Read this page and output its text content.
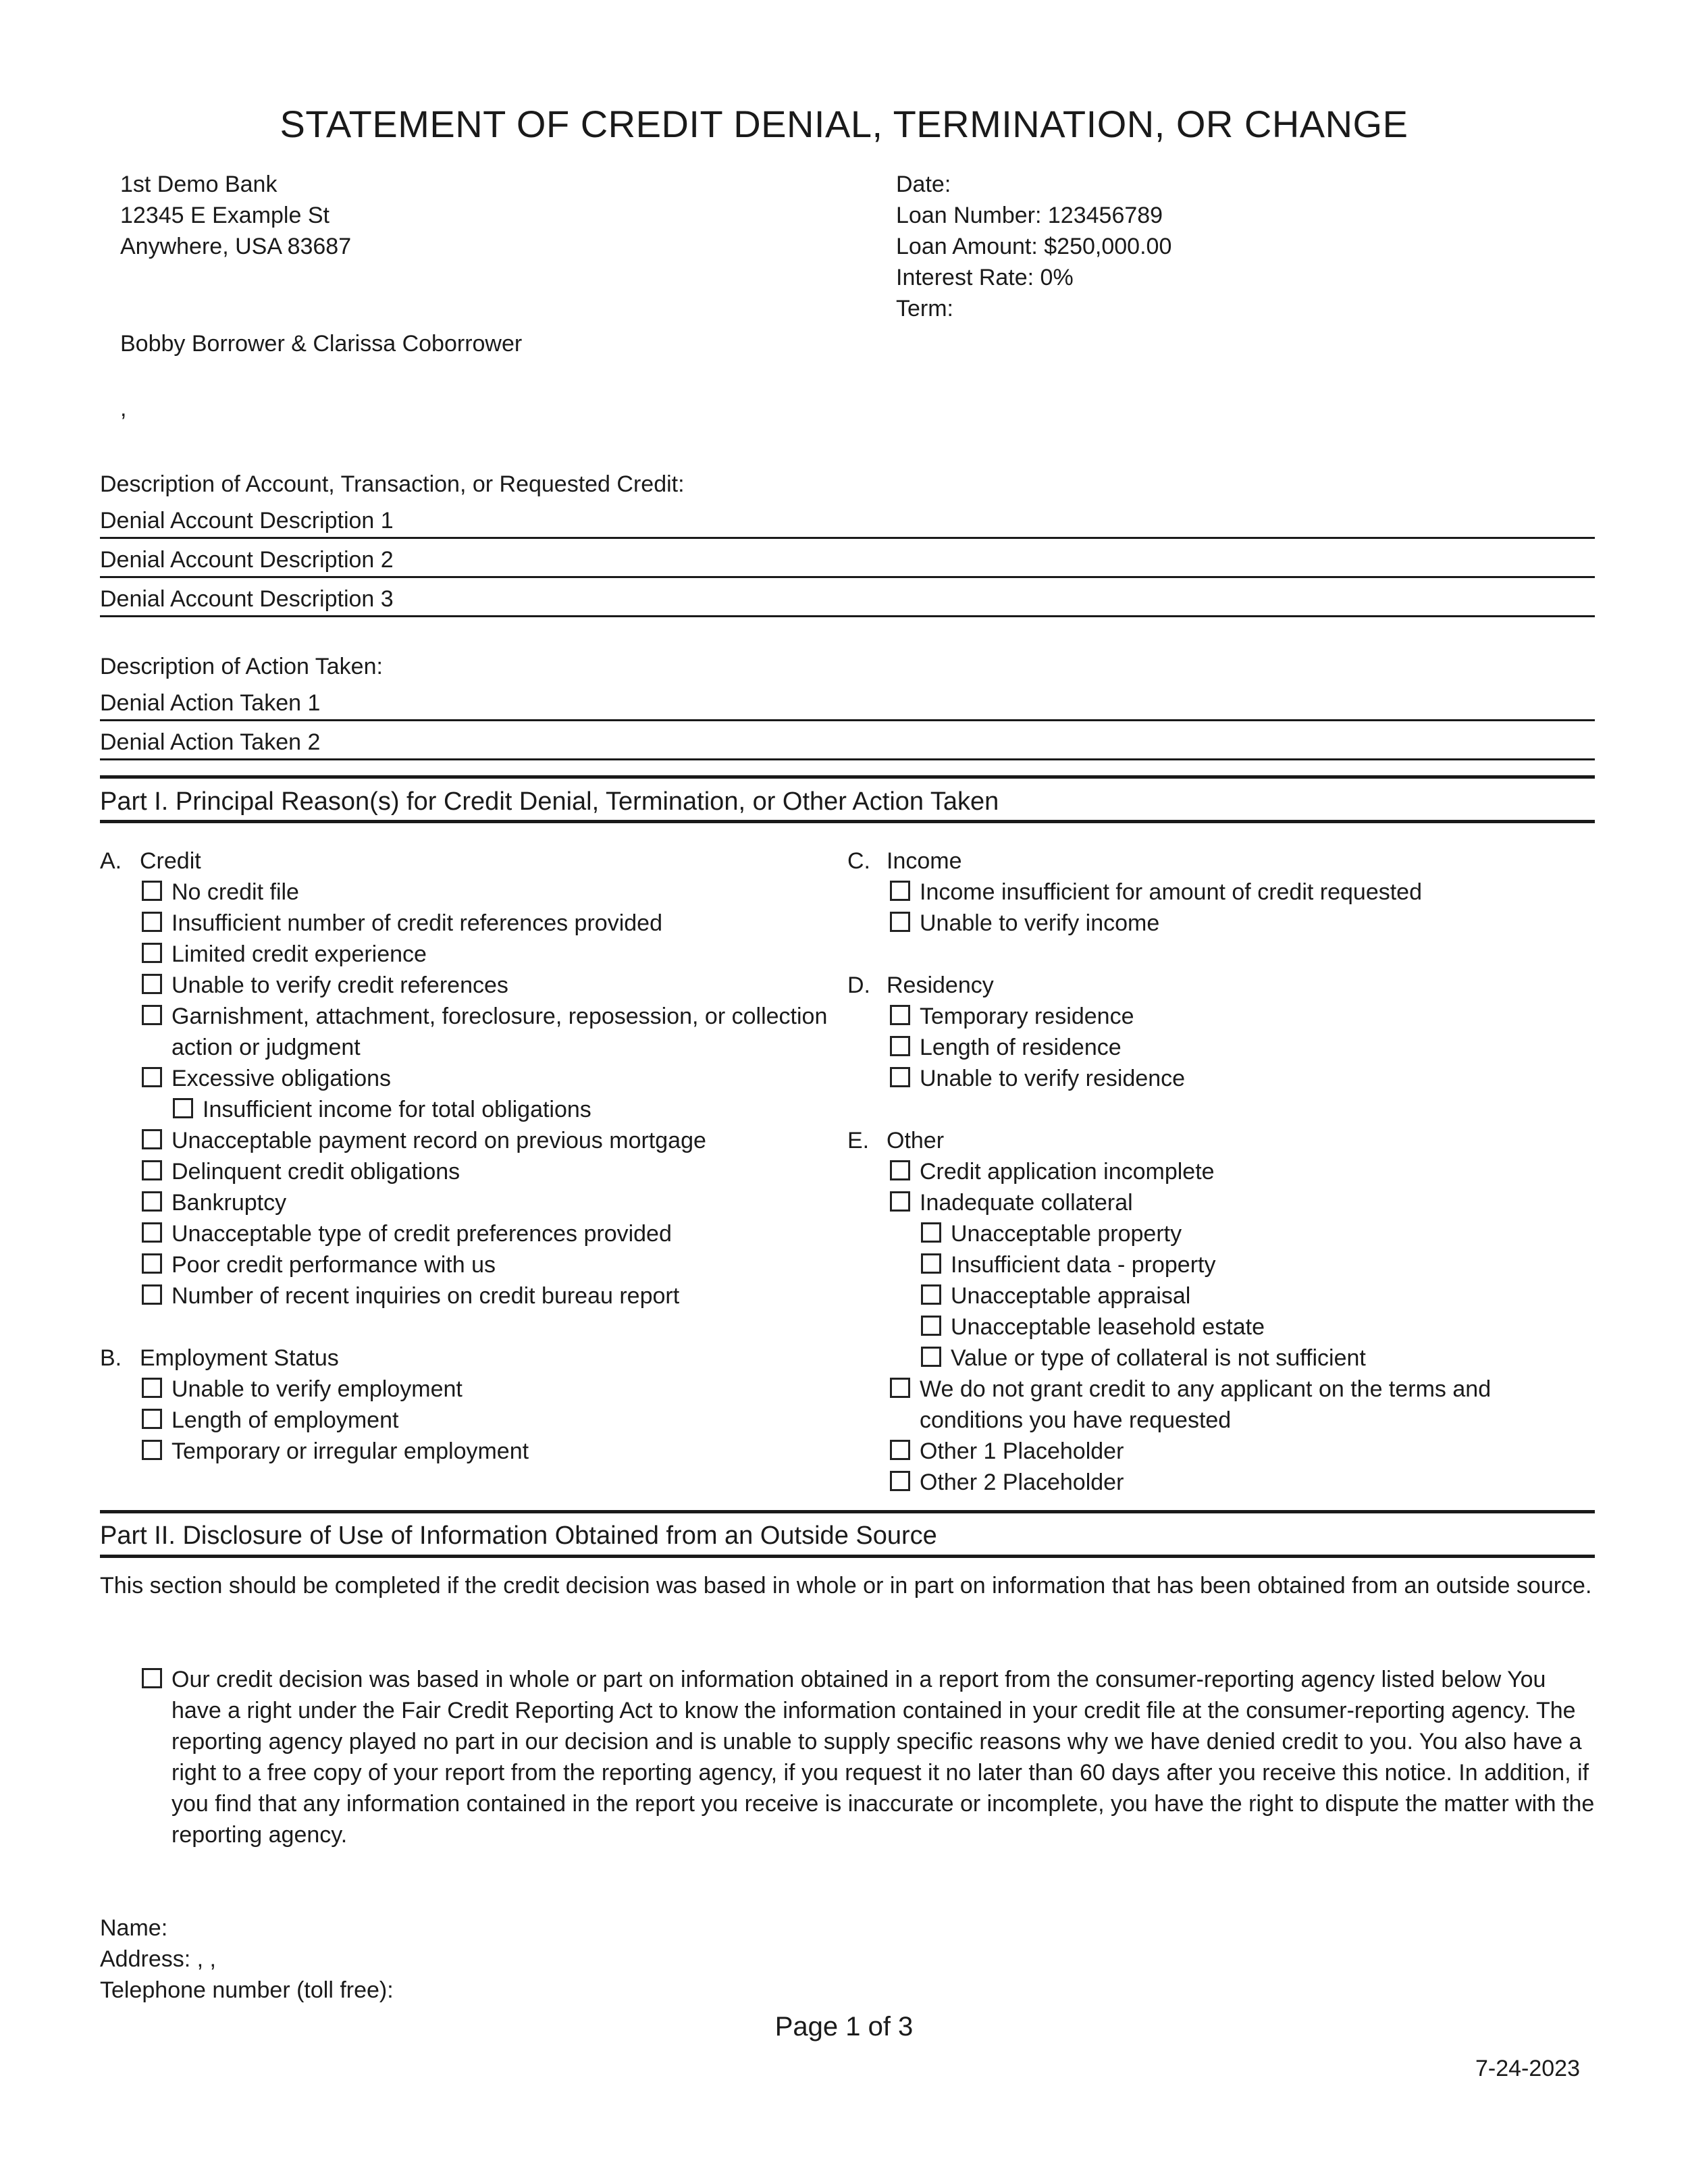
STATEMENT OF CREDIT DENIAL, TERMINATION, OR CHANGE
1st Demo Bank
12345 E Example St
Anywhere, USA 83687
Date:
Loan Number: 123456789
Loan Amount: $250,000.00
Interest Rate: 0%
Term:
Bobby Borrower & Clarissa Coborrower
,
Description of Account, Transaction, or Requested Credit:
Denial Account Description 1
Denial Account Description 2
Denial Account Description 3
Description of Action Taken:
Denial Action Taken 1
Denial Action Taken 2
Part I. Principal Reason(s) for Credit Denial, Termination, or Other Action Taken
A. Credit
No credit file
Insufficient number of credit references provided
Limited credit experience
Unable to verify credit references
Garnishment, attachment, foreclosure, reposession, or collection
action or judgment
Excessive obligations
Insufficient income for total obligations
Unacceptable payment record on previous mortgage
Delinquent credit obligations
Bankruptcy
Unacceptable type of credit preferences provided
Poor credit performance with us
Number of recent inquiries on credit bureau report
B. Employment Status
Unable to verify employment
Length of employment
Temporary or irregular employment
C. Income
Income insufficient for amount of credit requested
Unable to verify income
D. Residency
Temporary residence
Length of residence
Unable to verify residence
E. Other
Credit application incomplete
Inadequate collateral
Unacceptable property
Insufficient data - property
Unacceptable appraisal
Unacceptable leasehold estate
Value or type of collateral is not sufficient
We do not grant credit to any applicant on the terms and
conditions you have requested
Other 1 Placeholder
Other 2 Placeholder
Part II. Disclosure of Use of Information Obtained from an Outside Source
This section should be completed if the credit decision was based in whole or in part on information that has been obtained from an outside source.
Our credit decision was based in whole or part on information obtained in a report from the consumer-reporting agency listed below You have a right under the Fair Credit Reporting Act to know the information contained in your credit file at the consumer-reporting agency. The reporting agency played no part in our decision and is unable to supply specific reasons why we have denied credit to you. You also have a right to a free copy of your report from the reporting agency, if you request it no later than 60 days after you receive this notice. In addition, if you find that any information contained in the report you receive is inaccurate or incomplete, you have the right to dispute the matter with the reporting agency.
Name:
Address: , ,
Telephone number (toll free):
Page 1 of 3
7-24-2023
